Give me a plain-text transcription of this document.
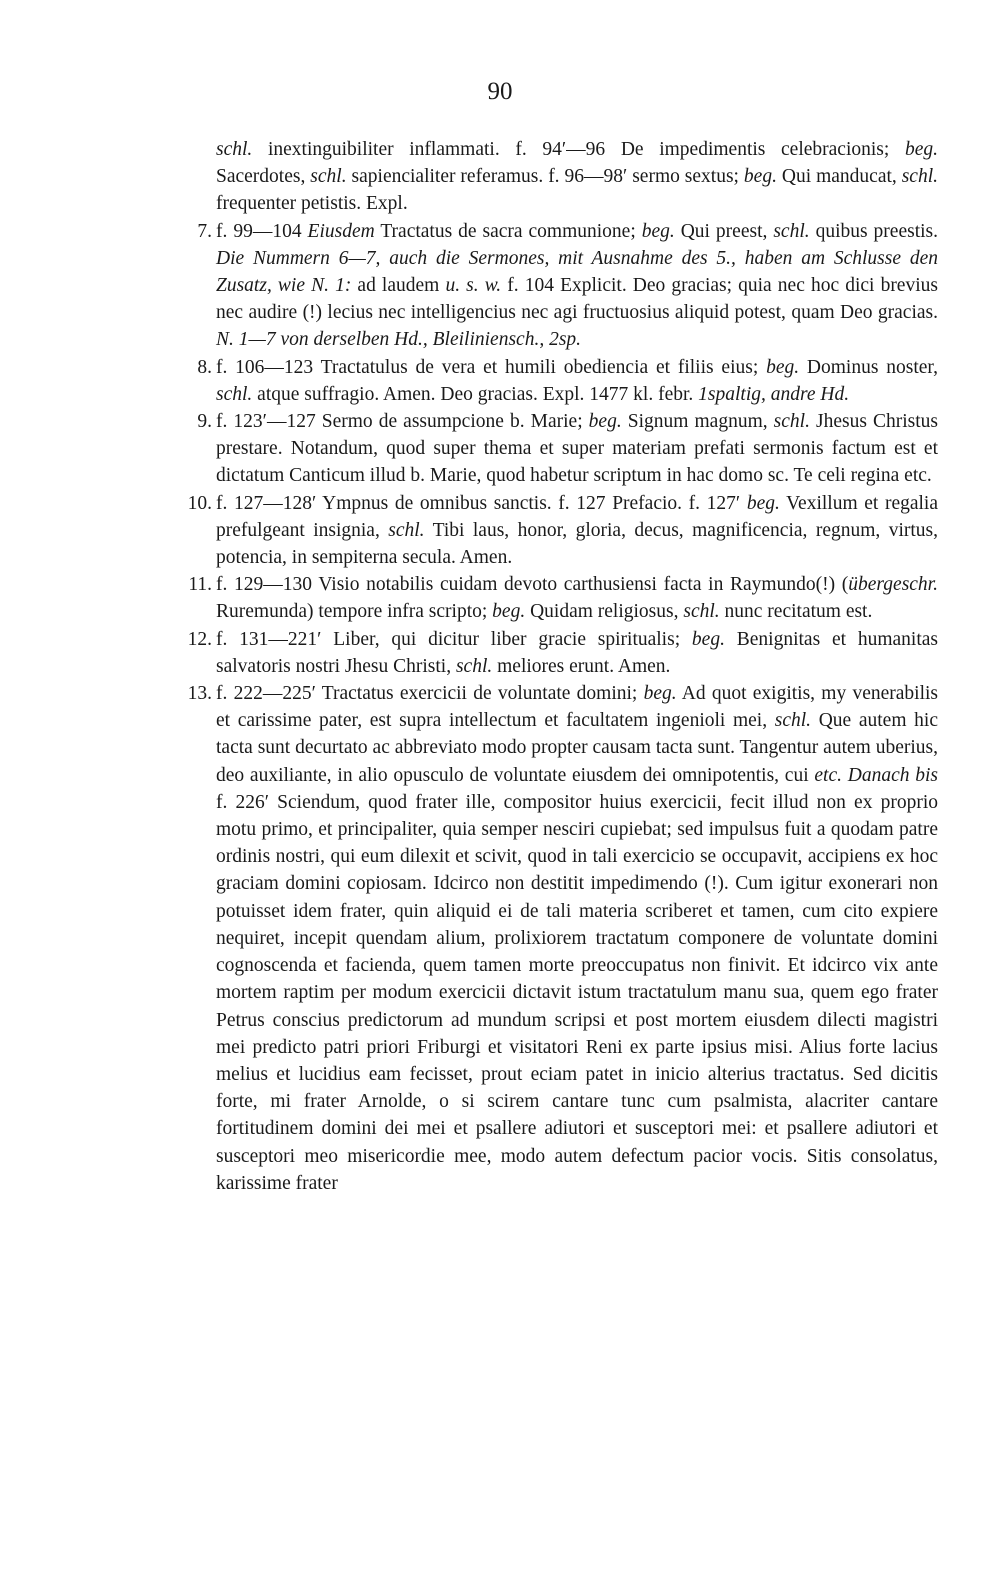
90
schl. inextinguibiliter inflammati. f. 94′—96 De impedimentis celebracionis; beg. Sacerdotes, schl. sapiencialiter referamus. f. 96—98′ sermo sextus; beg. Qui manducat, schl. frequenter petistis. Expl.
7. f. 99—104 Eiusdem Tractatus de sacra communione; beg. Qui preest, schl. quibus preestis. Die Nummern 6—7, auch die Sermones, mit Ausnahme des 5., haben am Schlusse den Zusatz, wie N. 1: ad laudem u. s. w. f. 104 Explicit. Deo gracias; quia nec hoc dici brevius nec audire (!) lecius nec intelligencius nec agi fructuosius aliquid potest, quam Deo gracias. N. 1—7 von derselben Hd., Bleiliniensch., 2sp.
8. f. 106—123 Tractatulus de vera et humili obediencia et filiis eius; beg. Dominus noster, schl. atque suffragio. Amen. Deo gracias. Expl. 1477 kl. febr. 1spaltig, andre Hd.
9. f. 123′—127 Sermo de assumpcione b. Marie; beg. Signum magnum, schl. Jhesus Christus prestare. Notandum, quod super thema et super materiam prefati sermonis factum est et dictatum Canticum illud b. Marie, quod habetur scriptum in hac domo sc. Te celi regina etc.
10. f. 127—128′ Ympnus de omnibus sanctis. f. 127 Prefacio. f. 127′ beg. Vexillum et regalia prefulgeant insignia, schl. Tibi laus, honor, gloria, decus, magnificencia, regnum, virtus, potencia, in sempiterna secula. Amen.
11. f. 129—130 Visio notabilis cuidam devoto carthusiensi facta in Raymundo(!) (übergeschr. Ruremunda) tempore infra scripto; beg. Quidam religiosus, schl. nunc recitatum est.
12. f. 131—221′ Liber, qui dicitur liber gracie spiritualis; beg. Benignitas et humanitas salvatoris nostri Jhesu Christi, schl. meliores erunt. Amen.
13. f. 222—225′ Tractatus exercicii de voluntate domini; beg. Ad quot exigitis, my venerabilis et carissime pater, est supra intellectum et facultatem ingenioli mei, schl. Que autem hic tacta sunt decurtato ac abbreviato modo propter causam tacta sunt. Tangentur autem uberius, deo auxiliante, in alio opusculo de voluntate eiusdem dei omnipotentis, cui etc. Danach bis f. 226′ Sciendum, quod frater ille, compositor huius exercicii, fecit illud non ex proprio motu primo, et principaliter, quia semper nesciri cupiebat; sed impulsus fuit a quodam patre ordinis nostri, qui eum dilexit et scivit, quod in tali exercicio se occupavit, accipiens ex hoc graciam domini copiosam. Idcirco non destitit impedimendo (!). Cum igitur exonerari non potuisset idem frater, quin aliquid ei de tali materia scriberet et tamen, cum cito expiere nequiret, incepit quendam alium, prolixiorem tractatum componere de voluntate domini cognoscenda et facienda, quem tamen morte preoccupatus non finivit. Et idcirco vix ante mortem raptim per modum exercicii dictavit istum tractatulum manu sua, quem ego frater Petrus conscius predictorum ad mundum scripsi et post mortem eiusdem dilecti magistri mei predicto patri priori Friburgi et visitatori Reni ex parte ipsius misi. Alius forte lacius melius et lucidius eam fecisset, prout eciam patet in inicio alterius tractatus. Sed dicitis forte, mi frater Arnolde, o si scirem cantare tunc cum psalmista, alacriter cantare fortitudinem domini dei mei et psallere adiutori et susceptori mei: et psallere adiutori et susceptori meo misericordie mee, modo autem defectum pacior vocis. Sitis consolatus, karissime frater
